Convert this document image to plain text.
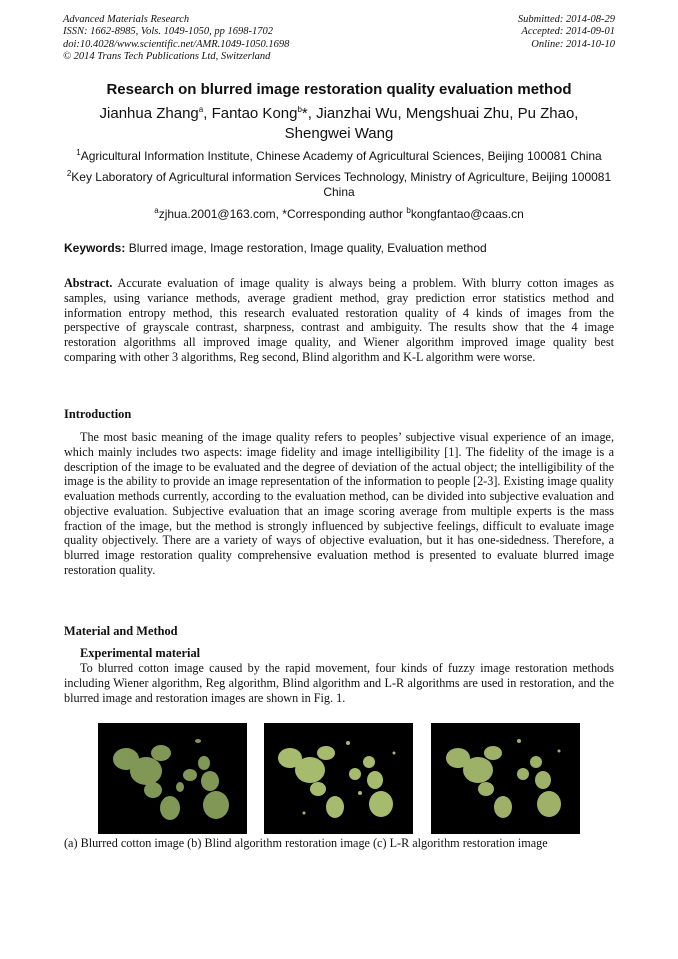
Advanced Materials Research
ISSN: 1662-8985, Vols. 1049-1050, pp 1698-1702
doi:10.4028/www.scientific.net/AMR.1049-1050.1698
© 2014 Trans Tech Publications Ltd, Switzerland
Submitted: 2014-08-29
Accepted: 2014-09-01
Online: 2014-10-10
Research on blurred image restoration quality evaluation method
Jianhua Zhang$^a$, Fantao Kong$^b$*, Jianzhai Wu, Mengshuai Zhu, Pu Zhao,
Shengwei Wang
$^1$Agricultural Information Institute, Chinese Academy of Agricultural Sciences, Beijing 100081 China
$^2$Key Laboratory of Agricultural information Services Technology, Ministry of Agriculture, Beijing 100081 China
$^a$zjhua.2001@163.com, *Corresponding author $^b$kongfantao@caas.cn
Keywords: Blurred image, Image restoration, Image quality, Evaluation method
Abstract. Accurate evaluation of image quality is always being a problem. With blurry cotton images as samples, using variance methods, average gradient method, gray prediction error statistics method and information entropy method, this research evaluated restoration quality of 4 kinds of images from the perspective of grayscale contrast, sharpness, contrast and ambiguity. The results show that the 4 image restoration algorithms all improved image quality, and Wiener algorithm improved image quality best comparing with other 3 algorithms, Reg second, Blind algorithm and K-L algorithm were worse.
Introduction
The most basic meaning of the image quality refers to peoples’ subjective visual experience of an image, which mainly includes two aspects: image fidelity and image intelligibility [1]. The fidelity of the image is a description of the image to be evaluated and the degree of deviation of the actual object; the intelligibility of the image is the ability to provide an image representation of the information to people [2-3]. Existing image quality evaluation methods currently, according to the evaluation method, can be divided into subjective evaluation and objective evaluation. Subjective evaluation that an image scoring average from multiple experts is the mass fraction of the image, but the method is strongly influenced by subjective feelings, difficult to evaluate image quality objectively. There are a variety of ways of objective evaluation, but it has one-sidedness. Therefore, a blurred image restoration quality comprehensive evaluation method is presented to evaluate blurred image restoration quality.
Material and Method
Experimental material
To blurred cotton image caused by the rapid movement, four kinds of fuzzy image restoration methods including Wiener algorithm, Reg algorithm, Blind algorithm and L-R algorithms are used in restoration, and the blurred image and restoration images are shown in Fig. 1.
(a) Blurred cotton image (b) Blind algorithm restoration image (c) L-R algorithm restoration image
